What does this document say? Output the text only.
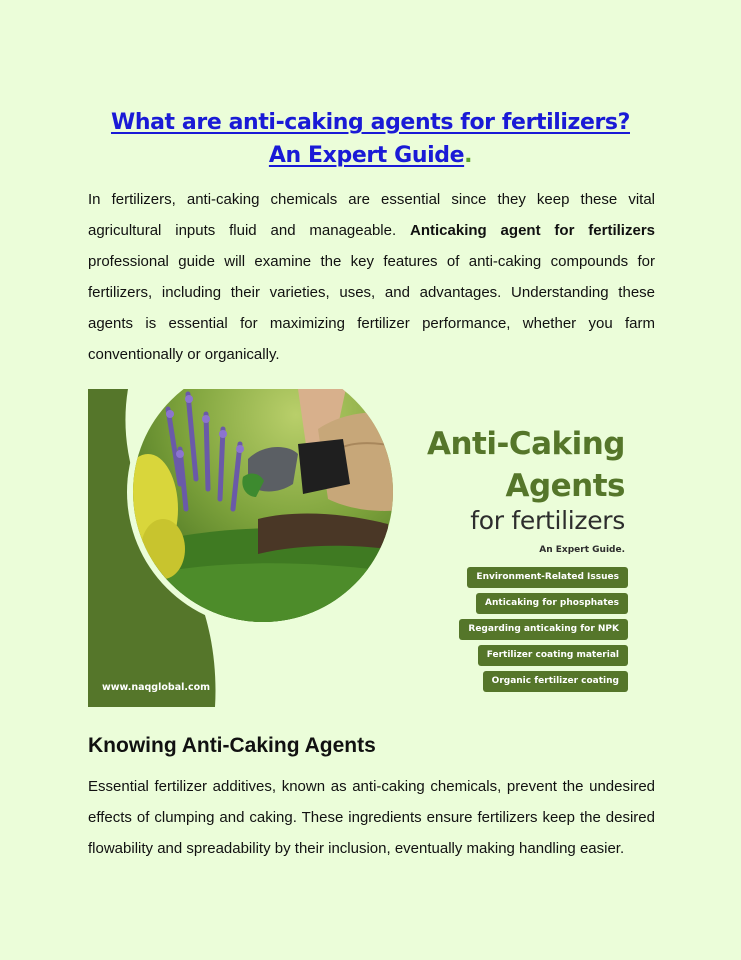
What are anti-caking agents for fertilizers? An Expert Guide.

In fertilizers, anti-caking chemicals are essential since they keep these vital agricultural inputs fluid and manageable. Anticaking agent for fertilizers professional guide will examine the key features of anti-caking compounds for fertilizers, including their varieties, uses, and advantages. Understanding these agents is essential for maximizing fertilizer performance, whether you farm conventionally or organically.

Anti-Caking
Agents
for fertilizers
An Expert Guide.
Environment-Related Issues
Anticaking for phosphates
Regarding anticaking for NPK
Fertilizer coating material
Organic fertilizer coating
www.naqglobal.com
Knowing Anti-Caking Agents

Essential fertilizer additives, known as anti-caking chemicals, prevent the undesired effects of clumping and caking. These ingredients ensure fertilizers keep the desired flowability and spreadability by their inclusion, eventually making handling easier.
